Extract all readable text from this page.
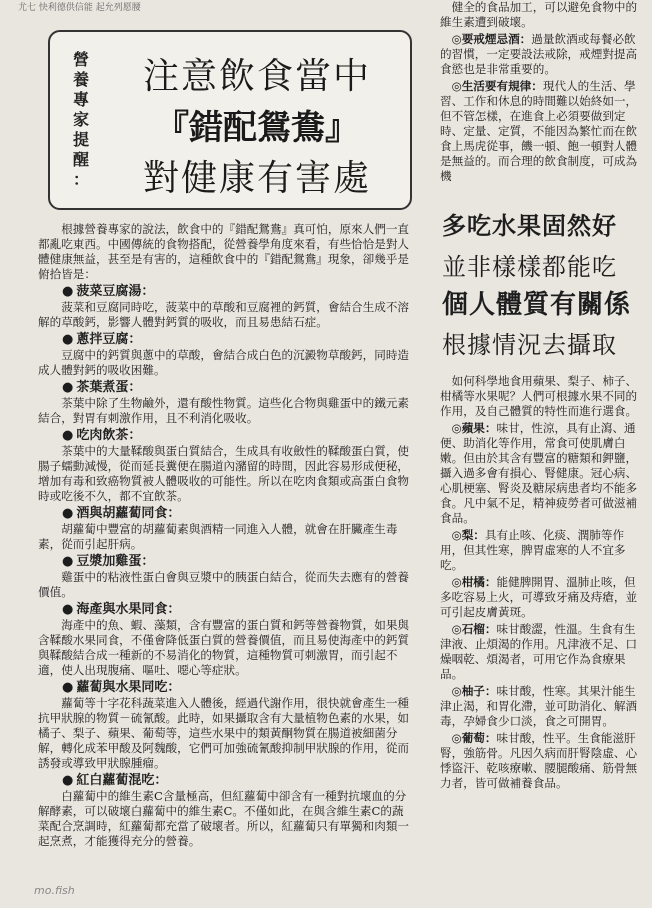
尤七 快利德供信能 起允列愿腰
營
養
專
家
提
醒
：
注意飲食當中
『錯配鴛鴦』
對健康有害處

根據營養專家的說法，飲食中的『錯配鴛鴦』真可怕，原來人們一直都亂吃東西。中國傳統的食物搭配，從營養學角度來看，有些恰恰是對人體健康無益，甚至是有害的，這種飲食中的『錯配鴛鴦』現象，卻幾乎是俯拾皆是：

● 菠菜豆腐湯：

菠菜和豆腐同時吃，菠菜中的草酸和豆腐裡的鈣質，會結合生成不溶解的草酸鈣，影響人體對鈣質的吸收，而且易患結石症。

● 蔥拌豆腐：

豆腐中的鈣質與蔥中的草酸，會結合成白色的沉澱物草酸鈣，同時造成人體對鈣的吸收困難。

● 茶葉煮蛋：

茶葉中除了生物鹼外，還有酸性物質。這些化合物與雞蛋中的鐵元素結合，對胃有刺激作用，且不利消化吸收。

● 吃肉飲茶：

茶葉中的大量鞣酸與蛋白質結合，生成具有收斂性的鞣酸蛋白質，使腸子蠕動減慢，從而延長糞便在腸道內瀦留的時間，因此容易形成便秘，增加有毒和致癌物質被人體吸收的可能性。所以在吃肉食類或高蛋白食物時或吃後不久，都不宜飲茶。

● 酒與胡蘿蔔同食：

胡蘿蔔中豐富的胡蘿蔔素與酒精一同進入人體，就會在肝臟產生毒素，從而引起肝病。

● 豆漿加雞蛋：

雞蛋中的粘液性蛋白會與豆漿中的胰蛋白結合，從而失去應有的營養價值。

● 海產與水果同食：

海產中的魚、蝦、藻類，含有豐富的蛋白質和鈣等營養物質，如果與含鞣酸水果同食，不僅會降低蛋白質的營養價值，而且易使海產中的鈣質與鞣酸結合成一種新的不易消化的物質，這種物質可刺激胃，而引起不適，使人出現腹痛、嘔吐、噁心等症狀。

● 蘿蔔與水果同吃：

蘿蔔等十字花科蔬菜進入人體後，經過代謝作用，很快就會產生一種抗甲狀腺的物質－硫氰酸。此時，如果攝取含有大量植物色素的水果，如橘子、梨子、蘋果、葡萄等，這些水果中的類黃酮物質在腸道被細菌分解，轉化成苯甲酸及阿魏酸，它們可加強硫氰酸抑制甲狀腺的作用，從而誘發或導致甲狀腺腫瘤。

● 紅白蘿蔔混吃：

白蘿蔔中的維生素C含量極高，但紅蘿蔔中卻含有一種對抗壞血的分解酵素，可以破壞白蘿蔔中的維生素C。不僅如此，在與含維生素C的蔬菜配合烹調時，紅蘿蔔都充當了破壞者。所以，紅蘿蔔只有單獨和肉類一起烹煮，才能獲得充分的營養。

健全的食品加工，可以避免食物中的維生素遭到破壞。

◎要戒煙忌酒：過量飲酒或每餐必飲的習慣，一定要設法戒除，戒煙對提高食慾也是非常重要的。

◎生活要有規律：現代人的生活、學習、工作和休息的時間難以始終如一，但不管怎樣，在進食上必須要做到定時、定量、定質，不能因為繁忙而在飲食上馬虎從事，饑一頓、飽一頓對人體是無益的。而合理的飲食制度，可成為機

多吃水果固然好
並非樣樣都能吃
個人體質有關係
根據情況去攝取

如何科學地食用蘋果、梨子、柿子、柑橘等水果呢？人們可根據水果不同的作用，及自己體質的特性而進行選食。

◎蘋果：味甘，性涼，具有止瀉、通便、助消化等作用，常食可使肌膚白嫩。但由於其含有豐富的糖類和鉀鹽，攝入過多會有損心、腎健康。冠心病、心肌梗塞、腎炎及糖尿病患者均不能多食。凡中氣不足，精神疲勞者可做滋補食品。

◎梨：具有止咳、化痰、潤肺等作用，但其性寒，脾胃虛寒的人不宜多吃。

◎柑橘：能健脾開胃、溫肺止咳，但多吃容易上火，可導致牙痛及痔瘡，並可引起皮膚黃斑。

◎石榴：味甘酸澀，性溫。生食有生津液、止煩渴的作用。凡津液不足、口燥咽乾、煩渴者，可用它作為食療果品。

◎柚子：味甘酸，性寒。其果汁能生津止渴，和胃化滯，並可助消化、解酒毒，孕婦食少口淡，食之可開胃。

◎葡萄：味甘酸，性平。生食能滋肝腎，強筋骨。凡因久病而肝腎陰虛、心悸盜汗、乾咳療嗽、腰腿酸痛、筋骨無力者，皆可做補養食品。

mo.fish
